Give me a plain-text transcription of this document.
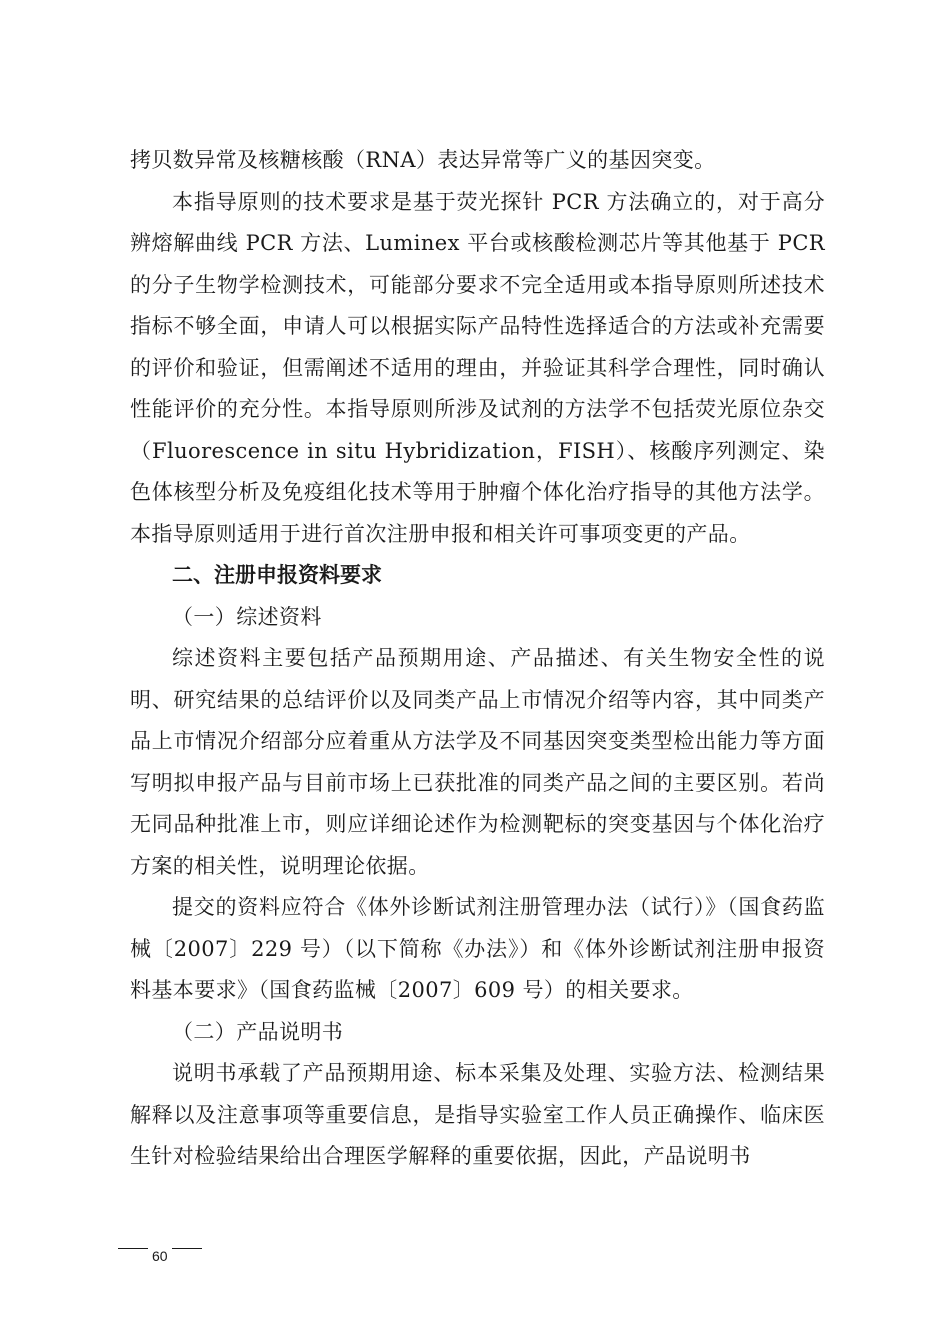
拷贝数异常及核糖核酸（RNA）表达异常等广义的基因突变。

本指导原则的技术要求是基于荧光探针 PCR 方法确立的，对于高分辨熔解曲线 PCR 方法、Luminex 平台或核酸检测芯片等其他基于 PCR 的分子生物学检测技术，可能部分要求不完全适用或本指导原则所述技术指标不够全面，申请人可以根据实际产品特性选择适合的方法或补充需要的评价和验证，但需阐述不适用的理由，并验证其科学合理性，同时确认性能评价的充分性。本指导原则所涉及试剂的方法学不包括荧光原位杂交（Fluorescence in situ Hybridization，FISH）、核酸序列测定、染色体核型分析及免疫组化技术等用于肿瘤个体化治疗指导的其他方法学。本指导原则适用于进行首次注册申报和相关许可事项变更的产品。

二、注册申报资料要求

（一）综述资料

综述资料主要包括产品预期用途、产品描述、有关生物安全性的说明、研究结果的总结评价以及同类产品上市情况介绍等内容，其中同类产品上市情况介绍部分应着重从方法学及不同基因突变类型检出能力等方面写明拟申报产品与目前市场上已获批准的同类产品之间的主要区别。若尚无同品种批准上市，则应详细论述作为检测靶标的突变基因与个体化治疗方案的相关性，说明理论依据。

提交的资料应符合《体外诊断试剂注册管理办法（试行）》（国食药监械〔2007〕229 号）（以下简称《办法》）和《体外诊断试剂注册申报资料基本要求》（国食药监械〔2007〕609 号）的相关要求。

（二）产品说明书

说明书承载了产品预期用途、标本采集及处理、实验方法、检测结果解释以及注意事项等重要信息，是指导实验室工作人员正确操作、临床医生针对检验结果给出合理医学解释的重要依据，因此，产品说明书

60
